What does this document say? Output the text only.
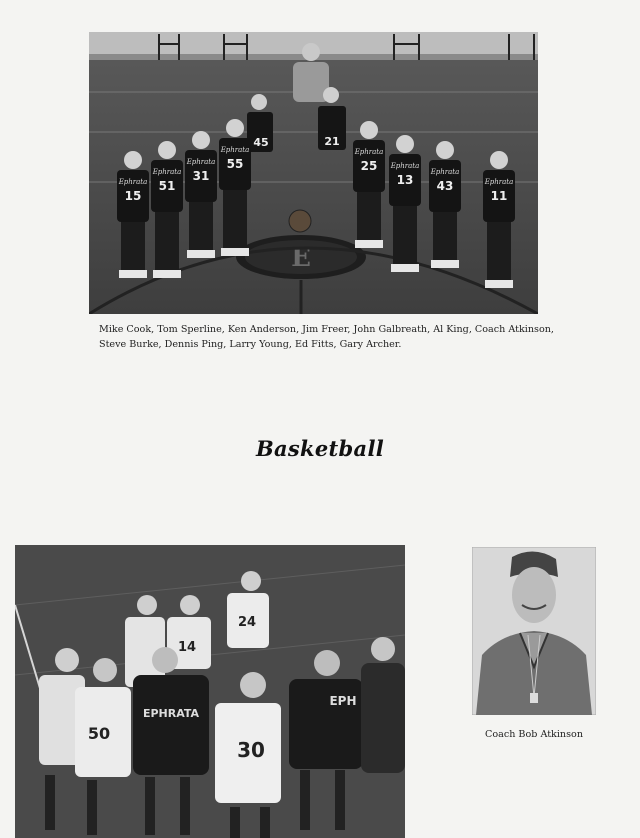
E
45	21
Ephrata
15
Ephrata
51
Ephrata
31
Ephrata
55
Ephrata
25 Ephrata
13
Ephrata
43	Ephrata
11
Mike Cook, Tom Sperline, Ken Anderson, Jim Freer, John Galbreath, Al King, Coach Atkinson,
Steve Burke, Dennis Ping, Larry Young, Ed Fitts, Gary Archer.
Basketball
24
14
50
EPHRATA
30
EPH
Coach Bob Atkinson
